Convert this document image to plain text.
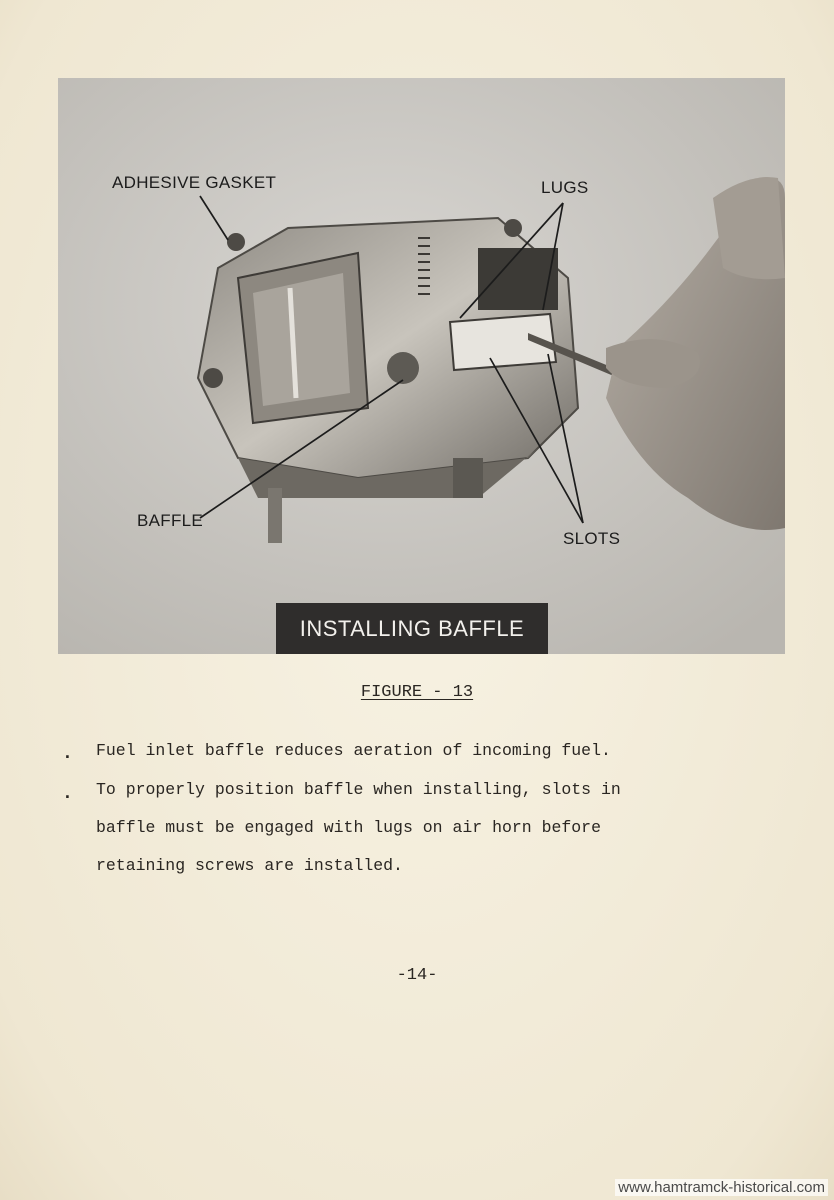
ADHESIVE GASKET	LUGS
BAFFLE
SLOTS
INSTALLING BAFFLE
FIGURE - 13
. Fuel inlet baffle reduces aeration of incoming fuel.
. To properly position baffle when installing, slots in
baffle must be engaged with lugs on air horn before
retaining screws are installed.
-14-
www.hamtramck-historical.com
